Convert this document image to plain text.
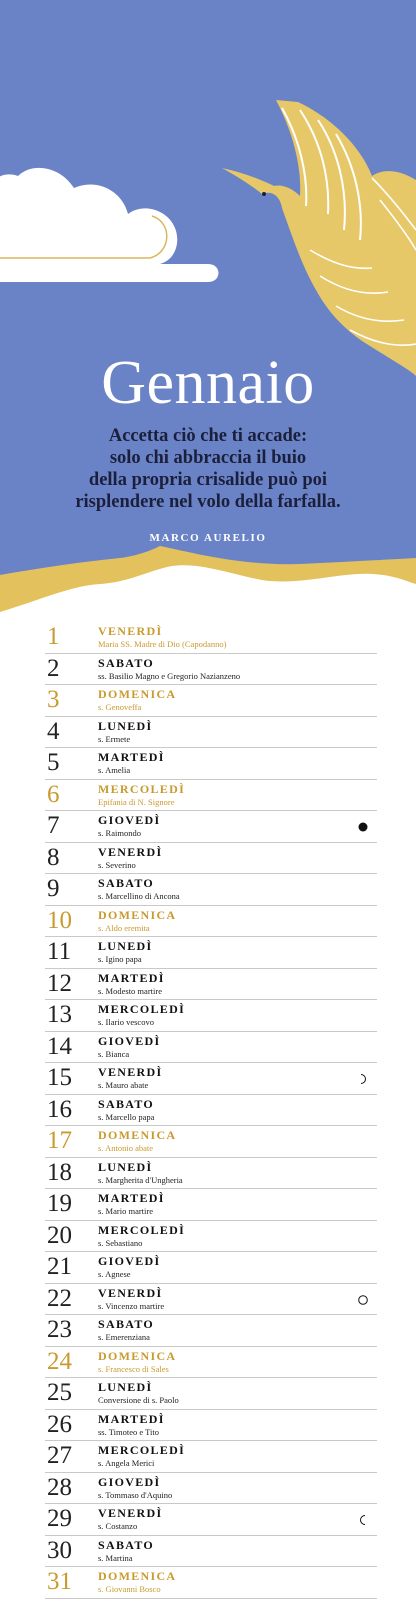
Gennaio
Accetta ciò che ti accade:
solo chi abbraccia il buio
della propria crisalide può poi
risplendere nel volo della farfalla.
MARCO AURELIO
1	VENERDÌ
Maria SS. Madre di Dio (Capodanno)
2	SABATO
ss. Basilio Magno e Gregorio Nazianzeno
3	DOMENICA
s. Genoveffa
4	LUNEDÌ
s. Ermete
5	MARTEDÌ
s. Amelia
6	MERCOLEDÌ
Epifania di N. Signore
7	GIOVEDÌ
s. Raimondo
8	VENERDÌ
s. Severino
9	SABATO
s. Marcellino di Ancona
10 DOMENICA
s. Aldo eremita
11 LUNEDÌ
s. Igino papa
12 MARTEDÌ
s. Modesto martire
13 MERCOLEDÌ
s. Ilario vescovo
14 GIOVEDÌ
s. Bianca
15 VENERDÌ
s. Mauro abate
16 SABATO
s. Marcello papa
17 DOMENICA
s. Antonio abate
18 LUNEDÌ
s. Margherita d'Ungheria
19 MARTEDÌ
s. Mario martire
20 MERCOLEDÌ
s. Sebastiano
21 GIOVEDÌ
s. Agnese
22 VENERDÌ
s. Vincenzo martire
23 SABATO
s. Emerenziana
24 DOMENICA
s. Francesco di Sales
25 LUNEDÌ
Conversione di s. Paolo
26 MARTEDÌ
ss. Timoteo e Tito
27 MERCOLEDÌ
s. Angela Merici
28 GIOVEDÌ
s. Tommaso d'Aquino
29 VENERDÌ
s. Costanzo
30 SABATO
s. Martina
31 DOMENICA
s. Giovanni Bosco
